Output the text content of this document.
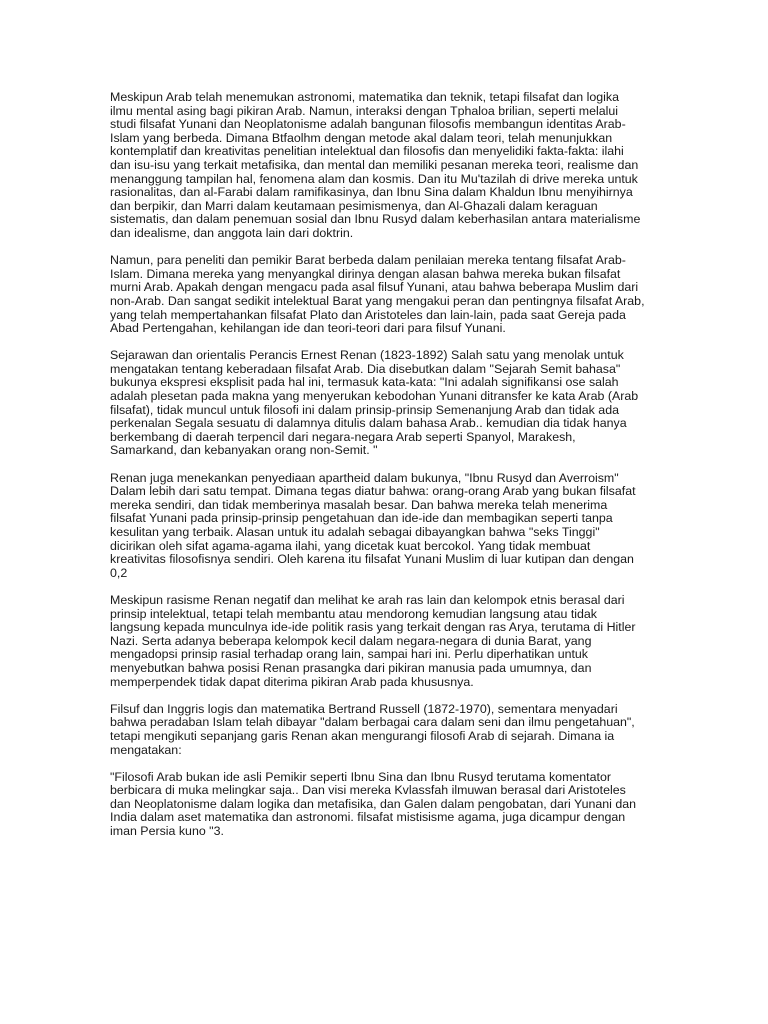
Meskipun Arab telah menemukan astronomi, matematika dan teknik, tetapi filsafat dan logika
ilmu mental asing bagi pikiran Arab. Namun, interaksi dengan Tphaloa brilian, seperti melalui
studi filsafat Yunani dan Neoplatonisme adalah bangunan filosofis membangun identitas Arab-
Islam yang berbeda. Dimana Btfaolhm dengan metode akal dalam teori, telah menunjukkan
kontemplatif dan kreativitas penelitian intelektual dan filosofis dan menyelidiki fakta-fakta: ilahi
dan isu-isu yang terkait metafisika, dan mental dan memiliki pesanan mereka teori, realisme dan
menanggung tampilan hal, fenomena alam dan kosmis. Dan itu Mu'tazilah di drive mereka untuk
rasionalitas, dan al-Farabi dalam ramifikasinya, dan Ibnu Sina dalam Khaldun Ibnu menyihirnya
dan berpikir, dan Marri dalam keutamaan pesimismenya, dan Al-Ghazali dalam keraguan
sistematis, dan dalam penemuan sosial dan Ibnu Rusyd dalam keberhasilan antara materialisme
dan idealisme, dan anggota lain dari doktrin.
Namun, para peneliti dan pemikir Barat berbeda dalam penilaian mereka tentang filsafat Arab-
Islam. Dimana mereka yang menyangkal dirinya dengan alasan bahwa mereka bukan filsafat
murni Arab. Apakah dengan mengacu pada asal filsuf Yunani, atau bahwa beberapa Muslim dari
non-Arab. Dan sangat sedikit intelektual Barat yang mengakui peran dan pentingnya filsafat Arab,
yang telah mempertahankan filsafat Plato dan Aristoteles dan lain-lain, pada saat Gereja pada
Abad Pertengahan, kehilangan ide dan teori-teori dari para filsuf Yunani.
Sejarawan dan orientalis Perancis Ernest Renan (1823-1892) Salah satu yang menolak untuk
mengatakan tentang keberadaan filsafat Arab. Dia disebutkan dalam "Sejarah Semit bahasa"
bukunya ekspresi eksplisit pada hal ini, termasuk kata-kata: "Ini adalah signifikansi ose salah
adalah plesetan pada makna yang menyerukan kebodohan Yunani ditransfer ke kata Arab (Arab
filsafat), tidak muncul untuk filosofi ini dalam prinsip-prinsip Semenanjung Arab dan tidak ada
perkenalan Segala sesuatu di dalamnya ditulis dalam bahasa Arab.. kemudian dia tidak hanya
berkembang di daerah terpencil dari negara-negara Arab seperti Spanyol, Marakesh,
Samarkand, dan kebanyakan orang non-Semit. "
Renan juga menekankan penyediaan apartheid dalam bukunya, "Ibnu Rusyd dan Averroism"
Dalam lebih dari satu tempat. Dimana tegas diatur bahwa: orang-orang Arab yang bukan filsafat
mereka sendiri, dan tidak memberinya masalah besar. Dan bahwa mereka telah menerima
filsafat Yunani pada prinsip-prinsip pengetahuan dan ide-ide dan membagikan seperti tanpa
kesulitan yang terbaik. Alasan untuk itu adalah sebagai dibayangkan bahwa "seks Tinggi"
dicirikan oleh sifat agama-agama ilahi, yang dicetak kuat bercokol. Yang tidak membuat
kreativitas filosofisnya sendiri. Oleh karena itu filsafat Yunani Muslim di luar kutipan dan dengan
0,2
Meskipun rasisme Renan negatif dan melihat ke arah ras lain dan kelompok etnis berasal dari
prinsip intelektual, tetapi telah membantu atau mendorong kemudian langsung atau tidak
langsung kepada munculnya ide-ide politik rasis yang terkait dengan ras Arya, terutama di Hitler
Nazi. Serta adanya beberapa kelompok kecil dalam negara-negara di dunia Barat, yang
mengadopsi prinsip rasial terhadap orang lain, sampai hari ini. Perlu diperhatikan untuk
menyebutkan bahwa posisi Renan prasangka dari pikiran manusia pada umumnya, dan
memperpendek tidak dapat diterima pikiran Arab pada khususnya.
Filsuf dan Inggris logis dan matematika Bertrand Russell (1872-1970), sementara menyadari
bahwa peradaban Islam telah dibayar "dalam berbagai cara dalam seni dan ilmu pengetahuan",
tetapi mengikuti sepanjang garis Renan akan mengurangi filosofi Arab di sejarah. Dimana ia
mengatakan:
"Filosofi Arab bukan ide asli Pemikir seperti Ibnu Sina dan Ibnu Rusyd terutama komentator
berbicara di muka melingkar saja.. Dan visi mereka Kvlassfah ilmuwan berasal dari Aristoteles
dan Neoplatonisme dalam logika dan metafisika, dan Galen dalam pengobatan, dari Yunani dan
India dalam aset matematika dan astronomi. filsafat mistisisme agama, juga dicampur dengan
iman Persia kuno "3.
